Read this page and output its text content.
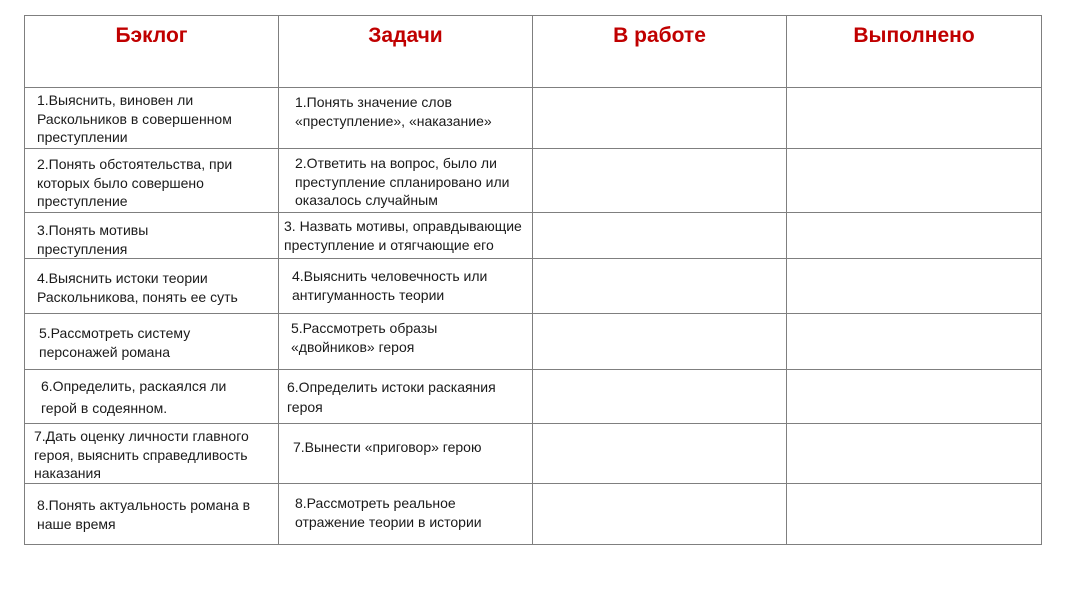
Бэклог	Задачи	В работе	Выполнено

1.Выяснить, виновен ли Раскольников в совершенном преступлении	1.Понять значение слов «преступление», «наказание»		

2.Понять обстоятельства, при которых было совершено преступление	2.Ответить на вопрос, было ли преступление спланировано или оказалось случайным		

3.Понять мотивы преступления	3. Назвать мотивы, оправдывающие преступление и отягчающие его		

4.Выяснить истоки теории Раскольникова, понять ее суть	4.Выяснить человечность или антигуманность теории		

5.Рассмотреть систему персонажей романа	5.Рассмотреть образы «двойников» героя		

6.Определить, раскаялся ли герой в содеянном.	6.Определить истоки раскаяния героя		

7.Дать оценку личности главного героя, выяснить справедливость наказания	7.Вынести «приговор» герою		

8.Понять актуальность романа в наше время	8.Рассмотреть реальное отражение теории в истории		
